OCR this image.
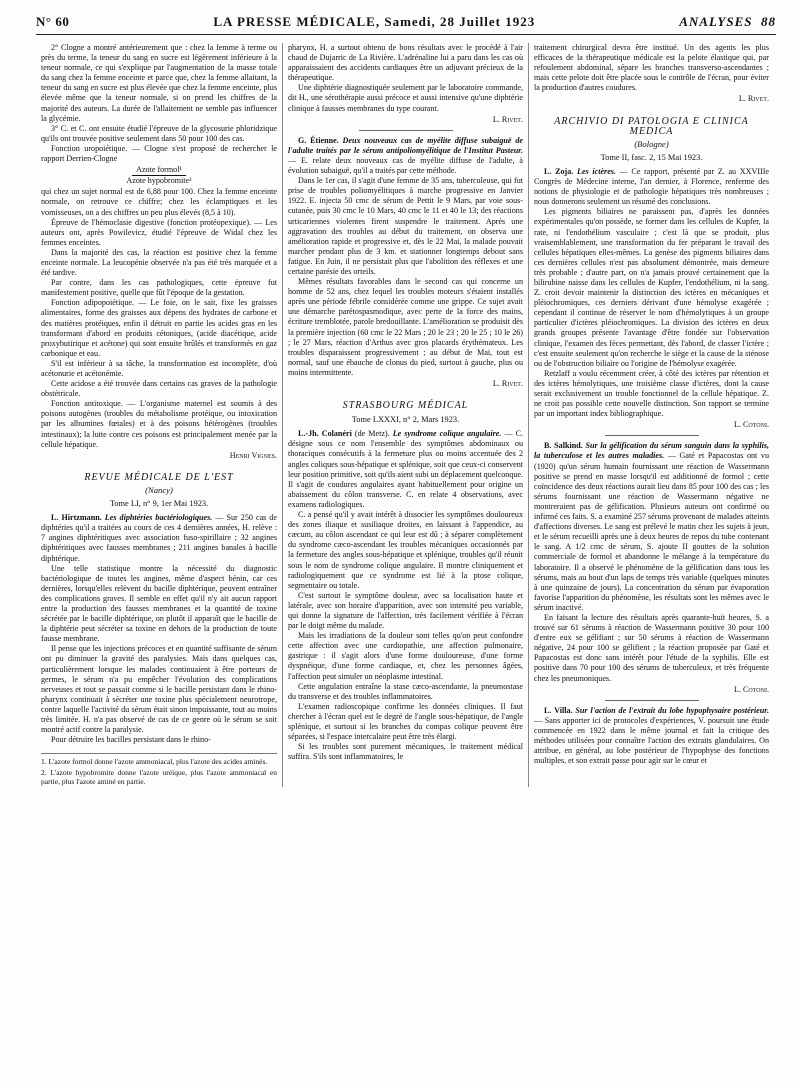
N° 60	LA PRESSE MÉDICALE, Samedi, 28 Juillet 1923	ANALYSES 88

2° Clogne a montré antérieurement que : chez la femme à terme ou près du terme, la teneur du sang en sucre est légèrement inférieure à la teneur normale, ce qui s'explique par l'augmentation de la masse totale du sang chez la femme enceinte et parce que, chez la femme allaitant, la teneur du sang en sucre est plus élevée que chez la femme enceinte, plus élevée même que la teneur normale, si on prend les chiffres de la majorité des auteurs. La durée de l'allaitement ne semble pas influencer la glycémie.

3° C. et C. ont ensuite étudié l'épreuve de la glycosurie phloridzique qu'ils ont trouvée positive seulement dans 50 pour 100 des cas.

Fonction uropoiétique. — Clogne s'est proposé de rechercher le rapport Derrien-Clogne

Azote formol¹
Azote hypobromite²

qui chez un sujet normal est de 6,88 pour 100. Chez la femme enceinte normale, on retrouve ce chiffre; chez les éclamptiques et les vomisseuses, on a des chiffres un peu plus élevés (8,5 à 10).

Épreuve de l'hémoclasie digestive (fonction protéopexique). — Les auteurs ont, après Powilevicz, étudié l'épreuve de Widal chez les femmes enceintes.

Dans la majorité des cas, la réaction est positive chez la femme enceinte normale. La leucopénie observée n'a pas été très marquée et a été tardive.

Par contre, dans les cas pathologiques, cette épreuve fut manifestement positive, quelle que fût l'époque de la gestation.

Fonction adipopoiétique. — Le foie, on le sait, fixe les graisses alimentaires, forme des graisses aux dépens des hydrates de carbone et des matières protéiques, enfin il détruit en partie les acides gras en les transformant d'abord en produits cétoniques, (acide diacétique, acide proxybutirique et acétone) qui sont ensuite brûlés et transformés en gaz carbonique et eau.

S'il est inférieur à sa tâche, la transformation est incomplète, d'où acétonurie et acétonémie.

Cette acidose a été trouvée dans certains cas graves de la pathologie obstétricale.

Fonction antitoxique. — L'organisme maternel est soumis à des poisons autogènes (troubles du métabolisme protéique, ou intoxication par les albumines fœtales) et à des poisons hétérogènes (troubles intestinaux); la lutte contre ces poisons est principalement menée par la cellule hépatique.

Henri Vignes.
REVUE MÉDICALE DE L'EST
(Nancy)
Tome LI, n° 9, 1er Mai 1923.

L. Hirtzmann. Les diphtéries bactériologiques. — Sur 250 cas de diphtéries qu'il a traitées au cours de ces 4 dernières années, H. relève : 7 angines diphtéritiques avec association fuso-spirillaire ; 32 angines diphtéritiques avec fausses membranes ; 211 angines banales à bacille diphtérique.

Une telle statistique montre la nécessité du diagnostic bactériologique de toutes les angines, même d'aspect bénin, car ces dernières, lorsqu'elles relèvent du bacille diphtérique, peuvent entraîner des complications graves. Il semble en effet qu'il n'y ait aucun rapport entre la production des fausses membranes et la quantité de toxine sécrétée par le bacille diphtérique, on plutôt il apparaît que le bacille de la diphtérie peut sécréter sa toxine en dehors de la production de toute fausse membrane.

Il pense que les injections précoces et en quantité suffisante de sérum ont pu diminuer la gravité des paralysies. Mais dans quelques cas, particulièrement lorsque les malades continuaient à être porteurs de germes, le sérum n'a pu empêcher l'évolution des complications nerveuses et tout se passait comme si le bacille persistant dans le rhino-pharynx continuait à sécréter une toxine plus spécialement neurotrope, contre laquelle l'activité du sérum était sinon impuissante, tout au moins très limitée. H. n'a pas observé de cas de ce genre où le sérum se soit montré actif contre la paralysie.

Pour détruire les bacilles persistant dans le rhino-

1. L'azote formol donne l'azote ammoniacal, plus l'azote des acides aminés.

2. L'azote hypobromite donne l'azote uréique, plus l'azote ammoniacal en partie, plus l'azote aminé en partie.

pharynx, H. a surtout obtenu de bons résultats avec le procédé à l'air chaud de Dujarric de La Rivière. L'adrénaline lui a paru dans les cas où apparaissaient des accidents cardiaques être un adjuvant précieux de la thérapeutique.

Une diphtérie diagnostiquée seulement par le laboratoire commande, dit H., une sérothérapie aussi précoce et aussi intensive qu'une diphtérie clinique à fausses membranes du type courant.

L. Rivet.

G. Étienne. Deux nouveaux cas de myélite diffuse subaiguë de l'adulte traités par le sérum antipoliomyélitique de l'Institut Pasteur. — E. relate deux nouveaux cas de myélite diffuse de l'adulte, à évolution subaiguë, qu'il a traités par cette méthode.

Dans le 1er cas, il s'agit d'une femme de 35 ans, tuberculeuse, qui fut prise de troubles poliomyélitiques à marche progressive en Janvier 1922. E. injecta 50 cmc de sérum de Pettit le 9 Mars, par voie sous-cutanée, puis 30 cmc le 10 Mars, 40 cmc le 11 et 40 le 13; des réactions urticariennes violentes firent suspendre le traitement. Après une aggravation des troubles au début du traitement, on observa une amélioration rapide et progressive et, dès le 22 Mai, la malade pouvait marcher pendant plus de 3 km. et stationner longtemps debout sans fatigue. En Juin, il ne persistait plus que l'abolition des réflexes et une certaine parésie des orteils.

Mêmes résultats favorables dans le second cas qui concerne un homme de 52 ans, chez lequel les troubles moteurs s'étaient installés après une période fébrile considérée comme une grippe. Ce sujet avait une démarche parétospasmodique, avec perte de la force des mains, écriture tremblotée, parole bredouillante. L'amélioration se produisit dès la première injection (60 cmc le 22 Mars ; 20 le 23 ; 20 le 25 ; 10 le 26) ; le 27 Mars, réaction d'Arthus avec gros placards érythémateux. Les troubles disparaissent progressivement ; au début de Mai, tout est normal, sauf une ébauche de clonus du pied, surtout à gauche, plus ou moins intermittente.

L. Rivet.
STRASBOURG MÉDICAL
Tome LXXXI, n° 2, Mars 1923.

L.-Jh. Colanéri (de Metz). Le syndrome colique angulaire. — C. désigne sous ce nom l'ensemble des symptômes abdominaux ou thoraciques consécutifs à la fermeture plus ou moins accentuée des 2 angles coliques sous-hépatique et splénique, soit que ceux-ci conservent leur position primitive, soit qu'ils aient subi un déplacement quelconque. Il s'agit de coudures angulaires ayant habituellement pour origine un abaissement du côlon transverse. C. en relate 4 observations, avec examens radiologiques.

C. a pensé qu'il y avait intérêt à dissocier les symptômes douloureux des zones iliaque et susiliaque droites, en laissant à l'appendice, au cæcum, au côlon ascendant ce qui leur est dû ; à séparer complètement du syndrome cæco-ascendant les troubles mécaniques occasionnés par la fermeture des angles sous-hépatique et splénique, troubles qu'il réunit sous le nom de syndrome colique angulaire. Il montre cliniquement et radiologiquement que ce syndrome est lié à la ptose colique, segmentaire ou totale.

C'est surtout le symptôme douleur, avec sa localisation haute et latérale, avec son horaire d'apparition, avec son intensité peu variable, qui donne la signature de l'affection, très facilement vérifiée à l'écran par le doigt même du malade.

Mais les irradiations de la douleur sont telles qu'on peut confondre cette affection avec une cardiopathie, une affection pulmonaire, gastrique : il s'agit alors d'une forme douloureuse, d'une forme dyspnéique, d'une forme cardiaque, et, chez les personnes âgées, l'affection peut simuler un néoplasme intestinal.

Cette angulation entraîne la stase cæco-ascendante, la pneumostase du transverse et des troubles inflammatoires.

L'examen radioscopique confirme les données cliniques. Il faut chercher à l'écran quel est le degré de l'angle sous-hépatique, de l'angle splénique, et surtout si les branches du compas colique peuvent être séparées, si l'espace intercalaire peut être très élargi.

Si les troubles sont purement mécaniques, le traitement médical suffira. S'ils sont inflammatoires, le

traitement chirurgical devra être institué. Un des agents les plus efficaces de la thérapeutique médicale est la pelote élastique qui, par refoulement abdominal, sépare les branches transverso-ascendantes ; mais cette pelote doit être placée sous le contrôle de l'écran, pour éviter la production d'autres coudures.

L. Rivet.
ARCHIVIO DI PATOLOGIA E CLINICA MEDICA
(Bologne)
Tome II, fasc. 2, 15 Mai 1923.

L. Zoja. Les ictères. — Ce rapport, présenté par Z. au XXVIIIe Congrès de Médecine interne, l'an dernier, à Florence, renferme des notions de physiologie et de pathologie hépatiques très nombreuses ; nous donnerons seulement un résumé des conclusions.

Les pigments biliaires ne paraissent pas, d'après les données expérimentales qu'on possède, se former dans les cellules de Kupfer, la rate, ni l'endothélium vasculaire ; c'est là que se produit, plus vraisemblablement, une transformation du fer préparant le travail des cellules hépatiques elles-mêmes. La genèse des pigments biliaires dans ces dernières cellules n'est pas absolument démontrée, mais demeure très probable ; d'autre part, on n'a jamais prouvé certainement que la bilirubine naisse dans les cellules de Kupfer, l'endothélium, ni la sang. Z. croit devoir maintenir la distinction des ictères en mécaniques et pléiochromiques, ces derniers dérivant d'une hémolyse exagérée ; cependant il continue de réserver le nom d'hémolytiques à un groupe particulier d'ictères pléiochromiques. La division des ictères en deux grands groupes présente l'avantage d'être fondée sur l'observation clinique, l'examen des fèces permettant, dès l'abord, de classer l'ictère ; c'est ensuite seulement qu'on recherche le siège et la cause de la sténose ou de l'obstruction biliaire ou l'origine de l'hémolyse exagérée.

Retzlaff a voulu récemment créer, à côté des ictères par rétention et des ictères hémolytiques, une troisième classe d'ictères, dont la cause serait exclusivement un trouble fonctionnel de la cellule hépatique. Z. ne croit pas possible cette nouvelle distinction. Son rapport se termine par un important index bibliographique.

L. Cotoni.

B. Salkind. Sur la gélification du sérum sanguin dans la syphilis, la tuberculose et les autres maladies. — Gaté et Papacostas ont vu (1920) qu'un sérum humain fournissant une réaction de Wassermann positive se prend en masse lorsqu'il est additionné de formol ; cette coïncidence des deux réactions aurait lieu dans 85 pour 100 des cas ; les sérums fournissant une réaction de Wassermann négative ne montreraient pas de gélification. Plusieurs auteurs ont confirmé ou infirmé ces faits. S. a examiné 257 sérums provenant de malades atteints d'affections diverses. Le sang est prélevé le matin chez les sujets à jeun, et le sérum recueilli après une à deux heures de repos du tube contenant le sang. A 1/2 cmc de sérum, S. ajoute II gouttes de la solution commerciale de formol et abandonne le mélange à la température du laboratoire. Il a observé le phénomène de la gélification dans tous les sérums, mais au bout d'un laps de temps très variable (quelques minutes à une quinzaine de jours). La concentration du sérum par évaporation favorise l'apparition du phénomène, les résultats sont les mêmes avec le sérum inactivé.

En faisant la lecture des résultats après quarante-huit heures, S. a trouvé sur 61 sérums à réaction de Wassermann positive 30 pour 100 d'entre eux se gélifiant ; sur 50 sérums à réaction de Wassermann négative, 24 pour 100 se gélifient ; la réaction proposée par Gaté et Papacostas est donc sans intérêt pour l'étude de la syphilis. Elle est positive dans 70 pour 100 des sérums de tuberculeux, et très fréquente chez les pneumoniques.

L. Cotoni.

L. Villa. Sur l'action de l'extrait du lobe hypophysaire postérieur. — Sans apporter ici de protocoles d'expériences, V. poursuit une étude commencée en 1922 dans le même journal et fait la critique des méthodes utilisées pour connaître l'action des extraits glandulaires. On attribue, en général, au lobe postérieur de l'hypophyse des fonctions multiples, et son extrait passe pour agir sur le cœur et
